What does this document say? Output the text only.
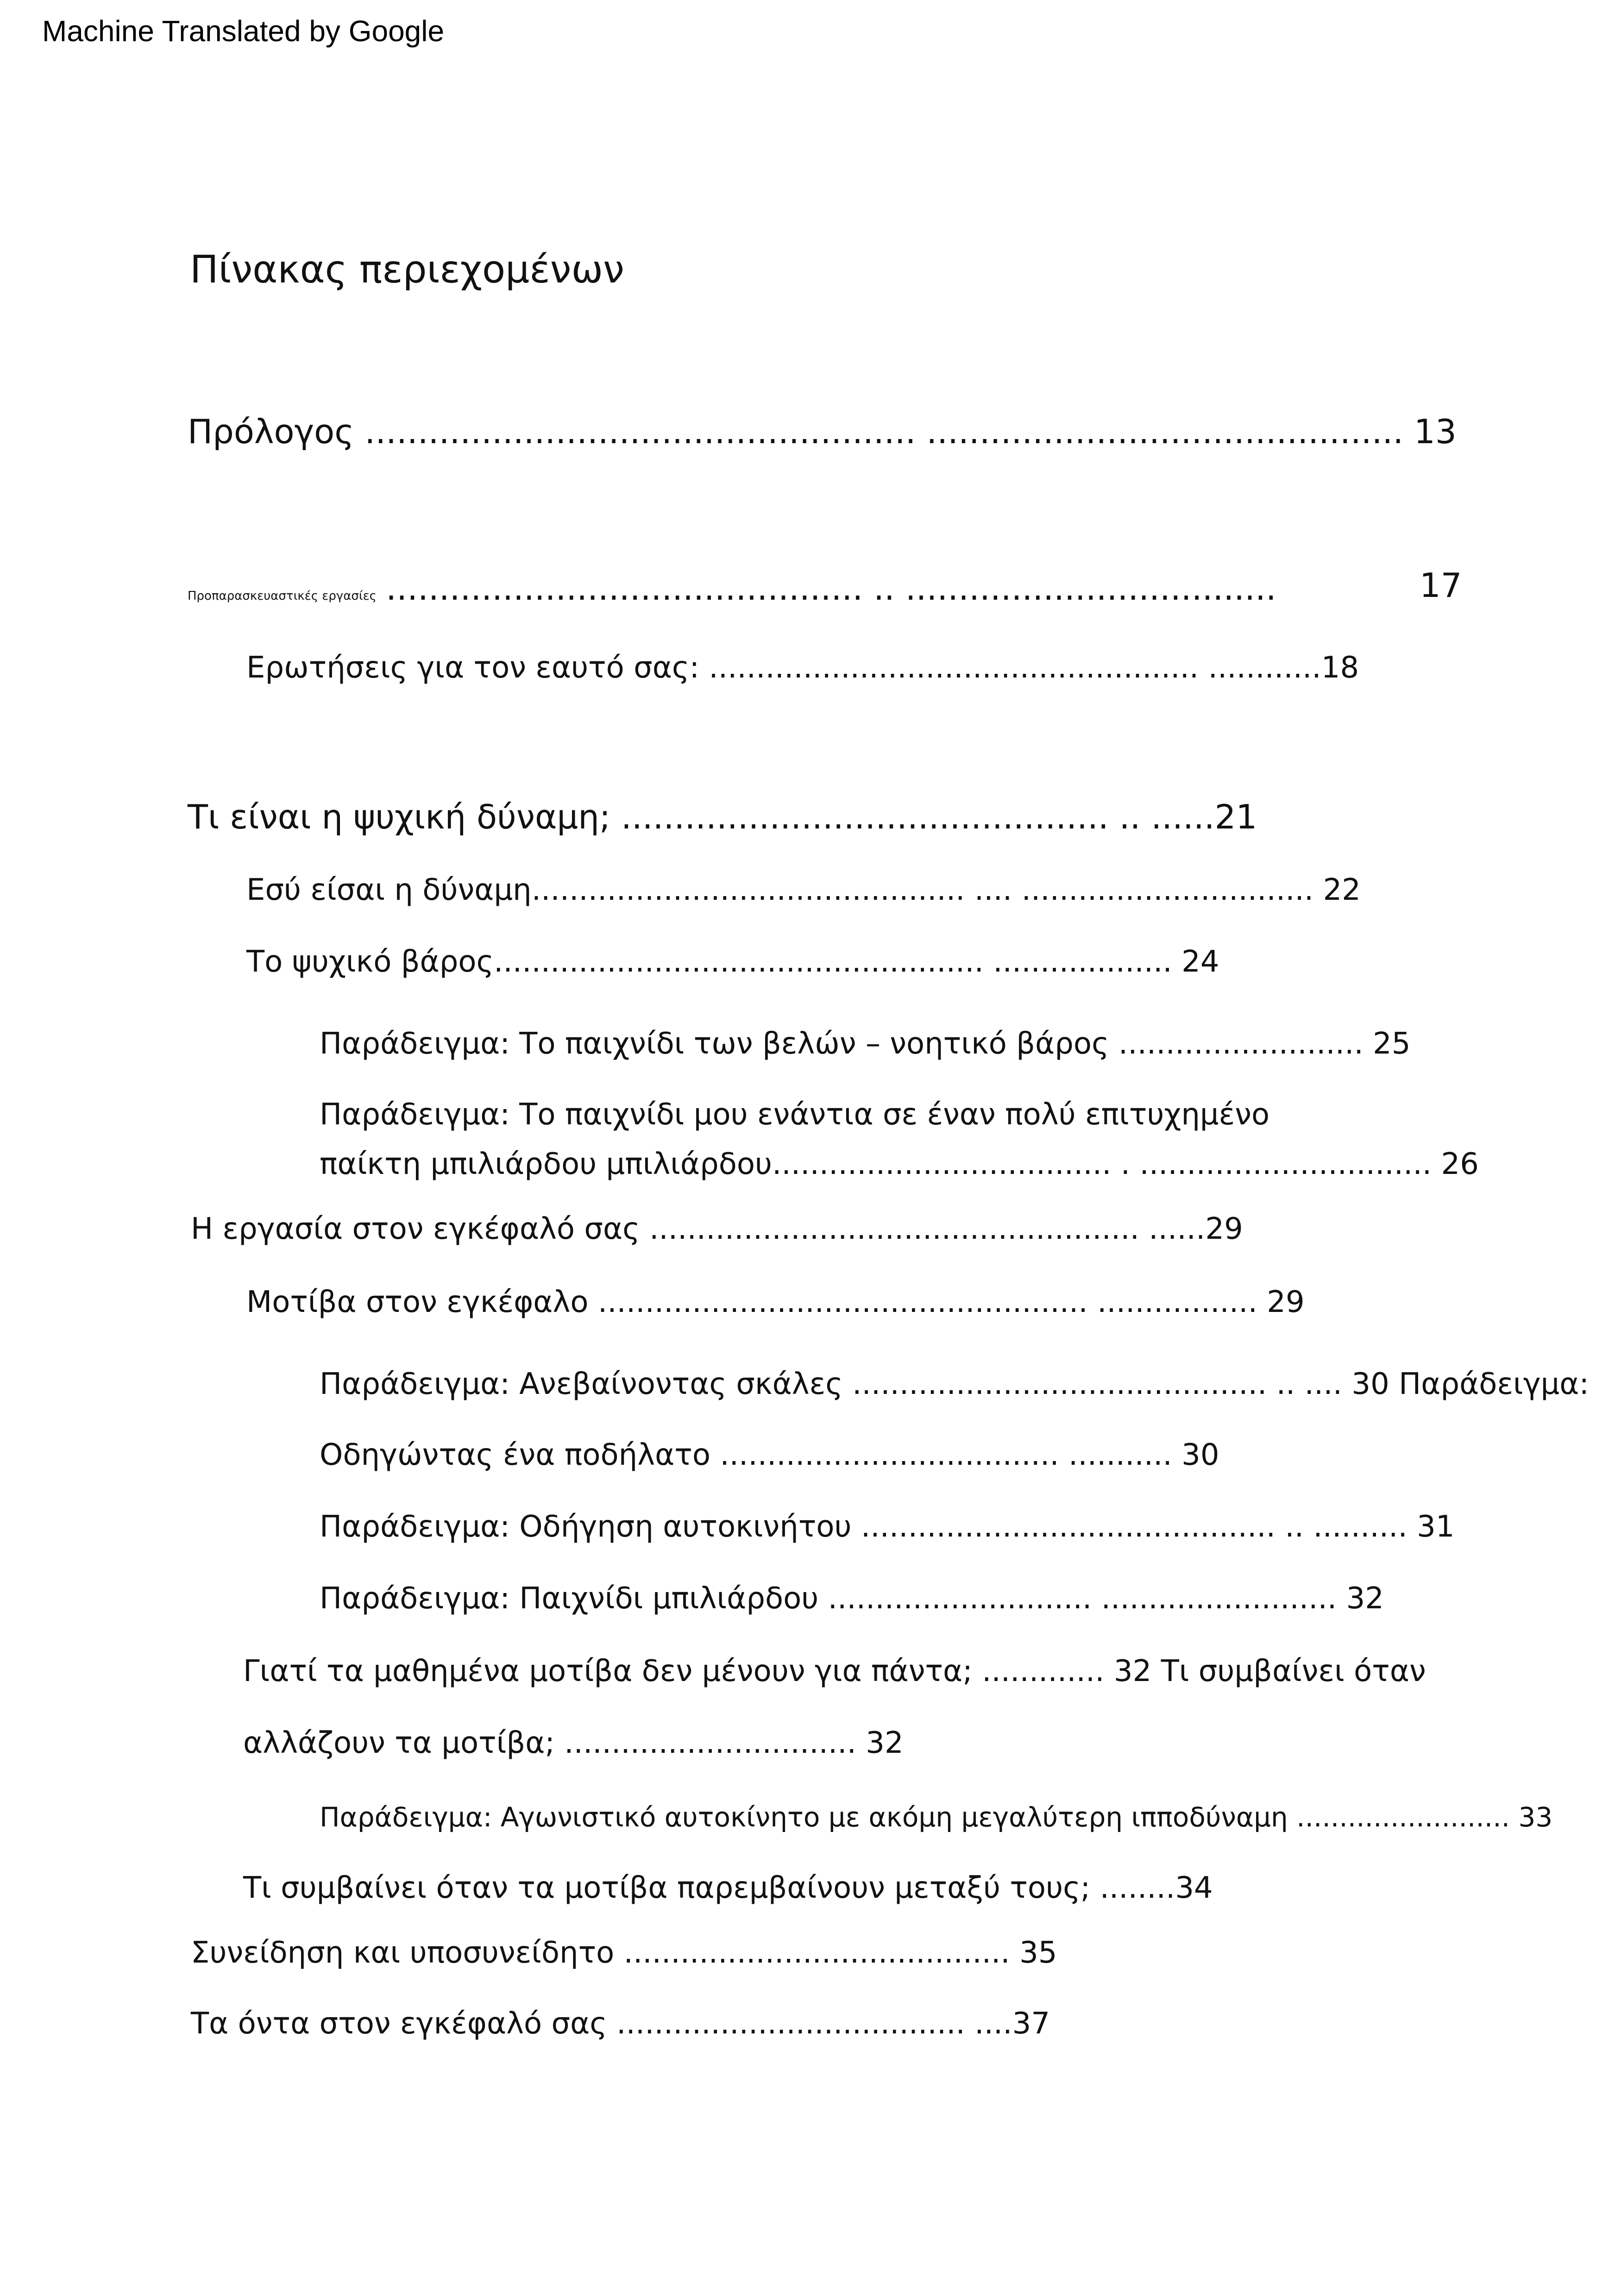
Machine Translated by Google
Πίνακας περιεχομένων
Πρόλογος .................................................... ............................................. 13
Προπαρασκευαστικές εργασίες ............................................. .. ...................................	17
Ερωτήσεις για τον εαυτό σας: .................................................... ............18
Τι είναι η ψυχική δύναμη; .............................................. .. ......21
Εσύ είσαι η δύναμη.............................................. .... ............................... 22
Το ψυχικό βάρος.................................................... ................... 24
Παράδειγμα: Το παιχνίδι των βελών – νοητικό βάρος .......................... 25
Παράδειγμα: Το παιχνίδι μου ενάντια σε έναν πολύ επιτυχημένο
παίκτη μπιλιάρδου μπιλιάρδου.................................... . ............................... 26
Η εργασία στον εγκέφαλό σας .................................................... ......29
Μοτίβα στον εγκέφαλο .................................................... ................. 29
Παράδειγμα: Ανεβαίνοντας σκάλες ............................................ .. .... 30 Παράδειγμα:
Οδηγώντας ένα ποδήλατο .................................... ........... 30
Παράδειγμα: Οδήγηση αυτοκινήτου ............................................ .. .......... 31
Παράδειγμα: Παιχνίδι μπιλιάρδου ............................ ......................... 32
Γιατί τα μαθημένα μοτίβα δεν μένουν για πάντα; ............. 32 Τι συμβαίνει όταν
αλλάζουν τα μοτίβα; ............................... 32
Παράδειγμα: Αγωνιστικό αυτοκίνητο με ακόμη μεγαλύτερη ιπποδύναμη ......................... 33
Τι συμβαίνει όταν τα μοτίβα παρεμβαίνουν μεταξύ τους; ........34
Συνείδηση και υποσυνείδητο ......................................... 35
Τα όντα στον εγκέφαλό σας ..................................... ....37
